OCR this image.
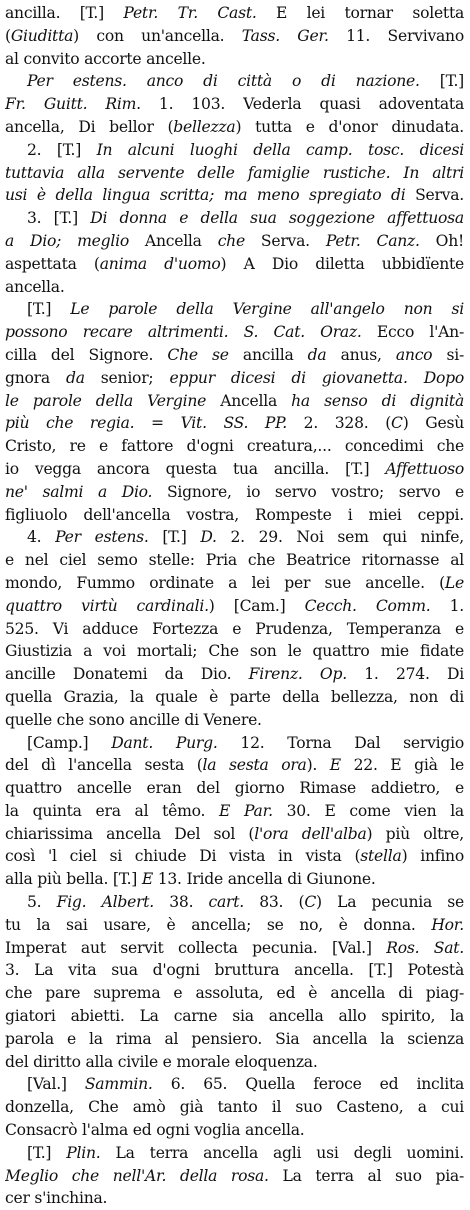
ancilla. [T.] Petr. Tr. Cast. E lei tornar soletta
(Giuditta) con un'ancella. Tass. Ger. 11. Servivano
al convito accorte ancelle.
Per estens. anco di città o di nazione. [T.]
Fr. Guitt. Rim. 1. 103. Vederla quasi adoventata
ancella, Di bellor (bellezza) tutta e d'onor dinudata.
2. [T.] In alcuni luoghi della camp. tosc. dicesi
tuttavia alla servente delle famiglie rustiche. In altri
usi è della lingua scritta; ma meno spregiato di Serva.
3. [T.] Di donna e della sua soggezione affettuosa
a Dio; meglio Ancella che Serva. Petr. Canz. Oh!
aspettata (anima d'uomo) A Dio diletta ubbidïente
ancella.
[T.] Le parole della Vergine all'angelo non si
possono recare altrimenti. S. Cat. Oraz. Ecco l'An-
cilla del Signore. Che se ancilla da anus, anco si-
gnora da senior; eppur dicesi di giovanetta. Dopo
le parole della Vergine Ancella ha senso di dignità
più che regia. = Vit. SS. PP. 2. 328. (C) Gesù
Cristo, re e fattore d'ogni creatura,... concedimi che
io vegga ancora questa tua ancilla. [T.] Affettuoso
ne' salmi a Dio. Signore, io servo vostro; servo e
figliuolo dell'ancella vostra, Rompeste i miei ceppi.
4. Per estens. [T.] D. 2. 29. Noi sem qui ninfe,
e nel ciel semo stelle: Pria che Beatrice ritornasse al
mondo, Fummo ordinate a lei per sue ancelle. (Le
quattro virtù cardinali.) [Cam.] Cecch. Comm. 1.
525. Vi adduce Fortezza e Prudenza, Temperanza e
Giustizia a voi mortali; Che son le quattro mie fidate
ancille Donatemi da Dio. Firenz. Op. 1. 274. Di
quella Grazia, la quale è parte della bellezza, non di
quelle che sono ancille di Venere.
[Camp.] Dant. Purg. 12. Torna Dal servigio
del dì l'ancella sesta (la sesta ora). E 22. E già le
quattro ancelle eran del giorno Rimase addietro, e
la quinta era al têmo. E Par. 30. E come vien la
chiarissima ancella Del sol (l'ora dell'alba) più oltre,
così 'l ciel si chiude Di vista in vista (stella) infino
alla più bella. [T.] E 13. Iride ancella di Giunone.
5. Fig. Albert. 38. cart. 83. (C) La pecunia se
tu la sai usare, è ancella; se no, è donna. Hor.
Imperat aut servit collecta pecunia. [Val.] Ros. Sat.
3. La vita sua d'ogni bruttura ancella. [T.] Potestà
che pare suprema e assoluta, ed è ancella di piag-
giatori abietti. La carne sia ancella allo spirito, la
parola e la rima al pensiero. Sia ancella la scienza
del diritto alla civile e morale eloquenza.
[Val.] Sammin. 6. 65. Quella feroce ed inclita
donzella, Che amò già tanto il suo Casteno, a cui
Consacrò l'alma ed ogni voglia ancella.
[T.] Plin. La terra ancella agli usi degli uomini.
Meglio che nell'Ar. della rosa. La terra al suo pia-
cer s'inchina.
